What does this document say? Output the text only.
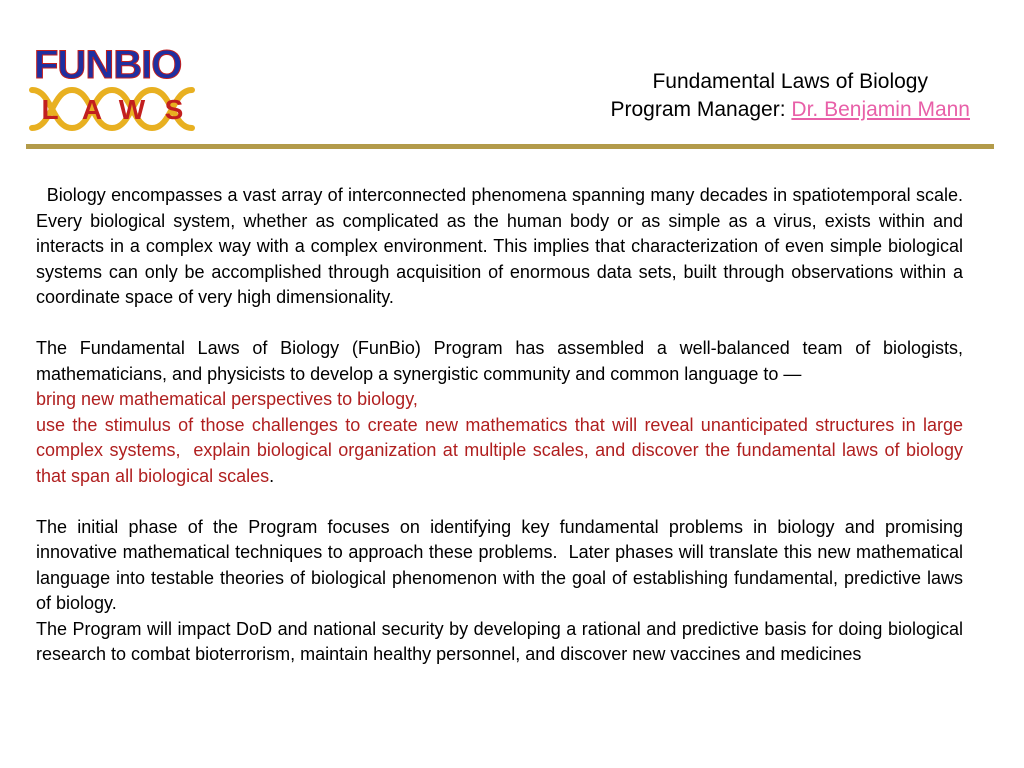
FUNBIO
L A W S
Fundamental Laws of Biology
Program Manager: Dr. Benjamin Mann

Biology encompasses a vast array of interconnected phenomena spanning many decades in spatiotemporal scale.  Every biological system, whether as complicated as the human body or as simple as a virus, exists within and interacts in a complex way with a complex environment. This implies that characterization of even simple biological systems can only be accomplished through acquisition of enormous data sets, built through observations within a coordinate space of very high dimensionality.

The Fundamental Laws of Biology (FunBio) Program has assembled a well-balanced team of biologists, mathematicians, and physicists to develop a synergistic community and common language to —

bring new mathematical perspectives to biology,

use the stimulus of those challenges to create new mathematics that will reveal unanticipated structures in large complex systems,  explain biological organization at multiple scales, and discover the fundamental laws of biology that span all biological scales.

The initial phase of the Program focuses on identifying key fundamental problems in biology and promising innovative mathematical techniques to approach these problems.  Later phases will translate this new mathematical language into testable theories of biological phenomenon with the goal of establishing fundamental, predictive laws of biology.

The Program will impact DoD and national security by developing a rational and predictive basis for doing biological research to combat bioterrorism, maintain healthy personnel, and discover new vaccines and medicines
